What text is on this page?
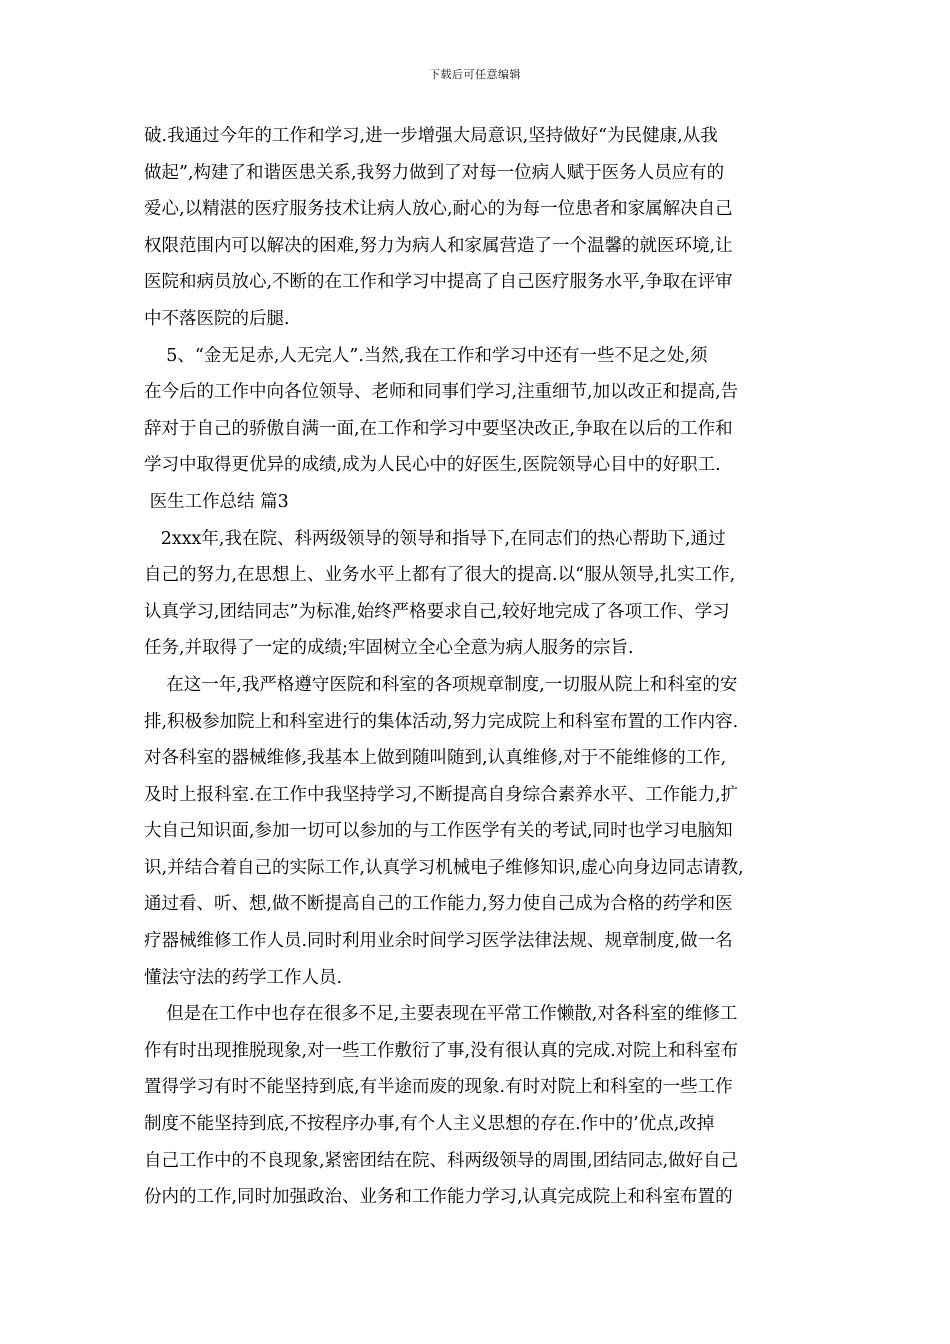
下载后可任意编辑
破.我通过今年的工作和学习,进一步增强大局意识,坚持做好“为民健康,从我
做起”,构建了和谐医患关系,我努力做到了对每一位病人赋于医务人员应有的
爱心,以精湛的医疗服务技术让病人放心,耐心的为每一位患者和家属解决自己
权限范围内可以解决的困难,努力为病人和家属营造了一个温馨的就医环境,让
医院和病员放心,不断的在工作和学习中提高了自己医疗服务水平,争取在评审
中不落医院的后腿.
5、“金无足赤,人无完人”.当然,我在工作和学习中还有一些不足之处,须
在今后的工作中向各位领导、老师和同事们学习,注重细节,加以改正和提高,告
辞对于自己的骄傲自满一面,在工作和学习中要坚决改正,争取在以后的工作和
学习中取得更优异的成绩,成为人民心中的好医生,医院领导心目中的好职工.
医生工作总结 篇3
2xxx年,我在院、科两级领导的领导和指导下,在同志们的热心帮助下,通过
自己的努力,在思想上、业务水平上都有了很大的提高.以“服从领导,扎实工作,
认真学习,团结同志”为标准,始终严格要求自己,较好地完成了各项工作、学习
任务,并取得了一定的成绩;牢固树立全心全意为病人服务的宗旨.
在这一年,我严格遵守医院和科室的各项规章制度,一切服从院上和科室的安
排,积极参加院上和科室进行的集体活动,努力完成院上和科室布置的工作内容.
对各科室的器械维修,我基本上做到随叫随到,认真维修,对于不能维修的工作,
及时上报科室.在工作中我坚持学习,不断提高自身综合素养水平、工作能力,扩
大自己知识面,参加一切可以参加的与工作医学有关的考试,同时也学习电脑知
识,并结合着自己的实际工作,认真学习机械电子维修知识,虚心向身边同志请教,
通过看、听、想,做不断提高自己的工作能力,努力使自己成为合格的药学和医
疗器械维修工作人员.同时利用业余时间学习医学法律法规、规章制度,做一名
懂法守法的药学工作人员.
但是在工作中也存在很多不足,主要表现在平常工作懒散,对各科室的维修工
作有时出现推脱现象,对一些工作敷衍了事,没有很认真的完成.对院上和科室布
置得学习有时不能坚持到底,有半途而废的现象.有时对院上和科室的一些工作
制度不能坚持到底,不按程序办事,有个人主义思想的存在.作中的’优点,改掉
自己工作中的不良现象,紧密团结在院、科两级领导的周围,团结同志,做好自己
份内的工作,同时加强政治、业务和工作能力学习,认真完成院上和科室布置的
